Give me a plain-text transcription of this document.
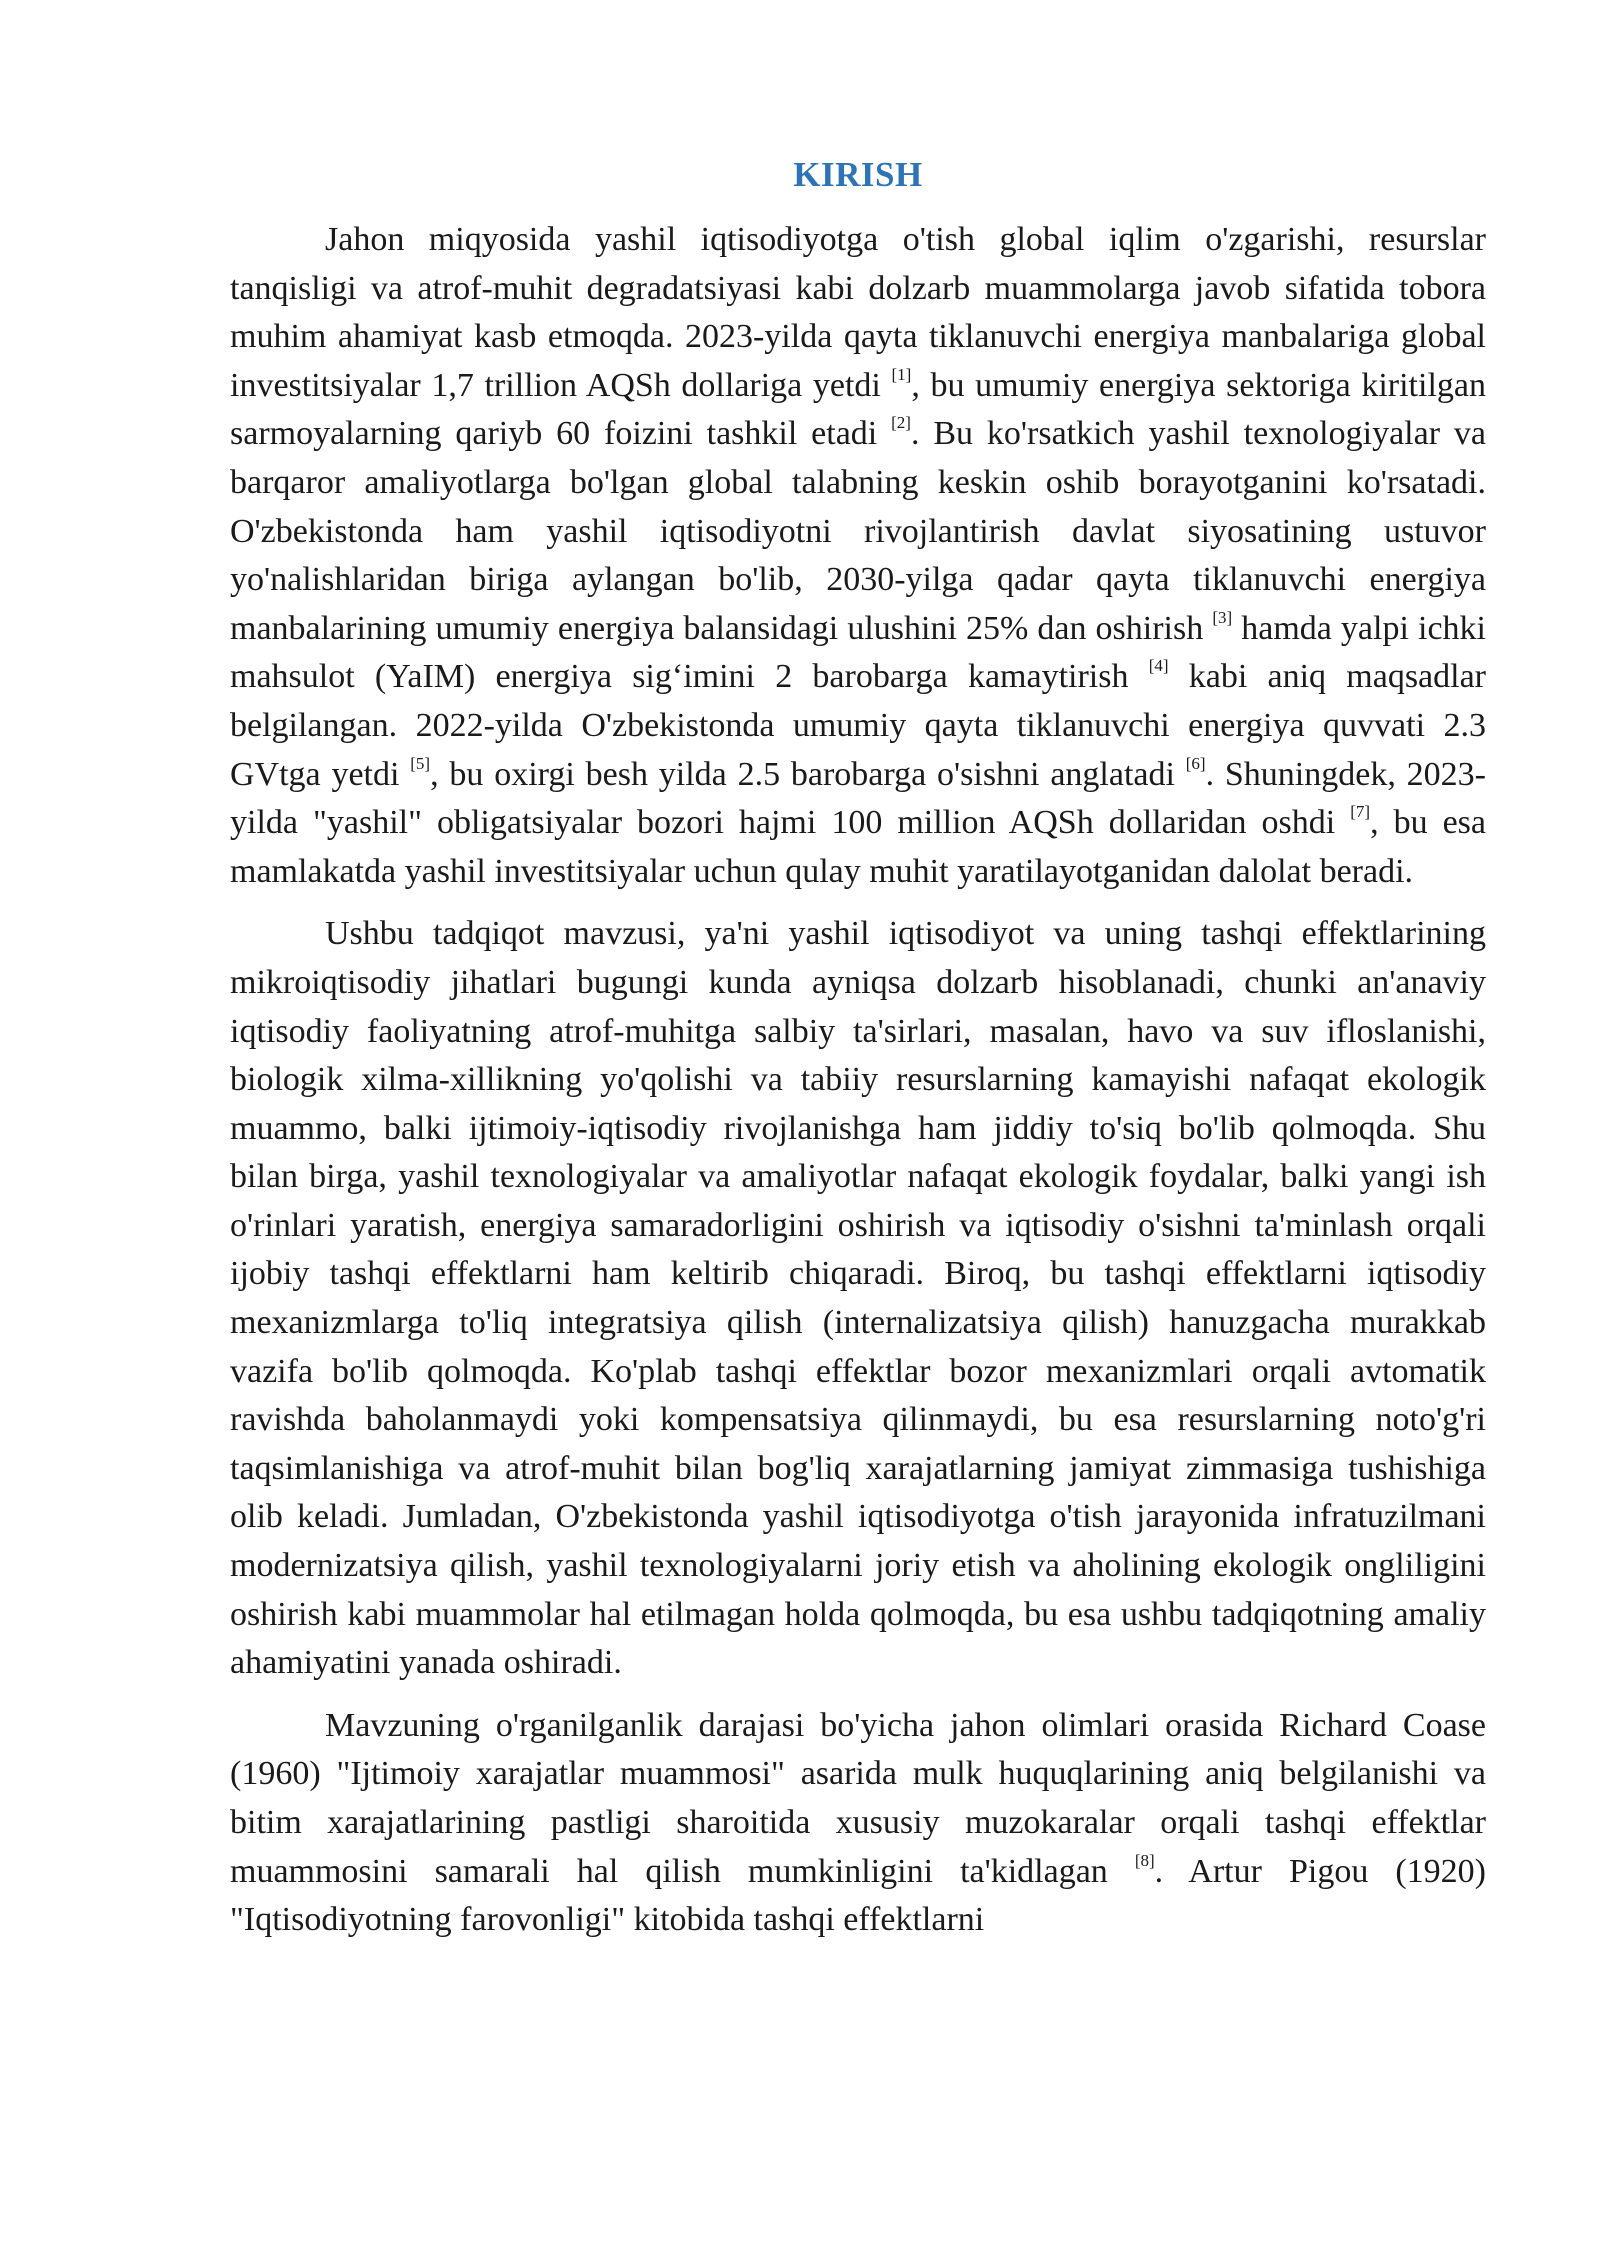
KIRISH

Jahon miqyosida yashil iqtisodiyotga o'tish global iqlim o'zgarishi, resurslar tanqisligi va atrof-muhit degradatsiyasi kabi dolzarb muammolarga javob sifatida tobora muhim ahamiyat kasb etmoqda. 2023-yilda qayta tiklanuvchi energiya manbalariga global investitsiyalar 1,7 trillion AQSh dollariga yetdi [1], bu umumiy energiya sektoriga kiritilgan sarmoyalarning qariyb 60 foizini tashkil etadi [2]. Bu ko'rsatkich yashil texnologiyalar va barqaror amaliyotlarga bo'lgan global talabning keskin oshib borayotganini ko'rsatadi. O'zbekistonda ham yashil iqtisodiyotni rivojlantirish davlat siyosatining ustuvor yo'nalishlaridan biriga aylangan bo'lib, 2030-yilga qadar qayta tiklanuvchi energiya manbalarining umumiy energiya balansidagi ulushini 25% dan oshirish [3] hamda yalpi ichki mahsulot (YaIM) energiya sig‘imini 2 barobarga kamaytirish [4] kabi aniq maqsadlar belgilangan. 2022-yilda O'zbekistonda umumiy qayta tiklanuvchi energiya quvvati 2.3 GVtga yetdi [5], bu oxirgi besh yilda 2.5 barobarga o'sishni anglatadi [6]. Shuningdek, 2023-yilda "yashil" obligatsiyalar bozori hajmi 100 million AQSh dollaridan oshdi [7], bu esa mamlakatda yashil investitsiyalar uchun qulay muhit yaratilayotganidan dalolat beradi.

Ushbu tadqiqot mavzusi, ya'ni yashil iqtisodiyot va uning tashqi effektlarining mikroiqtisodiy jihatlari bugungi kunda ayniqsa dolzarb hisoblanadi, chunki an'anaviy iqtisodiy faoliyatning atrof-muhitga salbiy ta'sirlari, masalan, havo va suv ifloslanishi, biologik xilma-xillikning yo'qolishi va tabiiy resurslarning kamayishi nafaqat ekologik muammo, balki ijtimoiy-iqtisodiy rivojlanishga ham jiddiy to'siq bo'lib qolmoqda. Shu bilan birga, yashil texnologiyalar va amaliyotlar nafaqat ekologik foydalar, balki yangi ish o'rinlari yaratish, energiya samaradorligini oshirish va iqtisodiy o'sishni ta'minlash orqali ijobiy tashqi effektlarni ham keltirib chiqaradi. Biroq, bu tashqi effektlarni iqtisodiy mexanizmlarga to'liq integratsiya qilish (internalizatsiya qilish) hanuzgacha murakkab vazifa bo'lib qolmoqda. Ko'plab tashqi effektlar bozor mexanizmlari orqali avtomatik ravishda baholanmaydi yoki kompensatsiya qilinmaydi, bu esa resurslarning noto'g'ri taqsimlanishiga va atrof-muhit bilan bog'liq xarajatlarning jamiyat zimmasiga tushishiga olib keladi. Jumladan, O'zbekistonda yashil iqtisodiyotga o'tish jarayonida infratuzilmani modernizatsiya qilish, yashil texnologiyalarni joriy etish va aholining ekologik ongliligini oshirish kabi muammolar hal etilmagan holda qolmoqda, bu esa ushbu tadqiqotning amaliy ahamiyatini yanada oshiradi.

Mavzuning o'rganilganlik darajasi bo'yicha jahon olimlari orasida Richard Coase (1960) "Ijtimoiy xarajatlar muammosi" asarida mulk huquqlarining aniq belgilanishi va bitim xarajatlarining pastligi sharoitida xususiy muzokaralar orqali tashqi effektlar muammosini samarali hal qilish mumkinligini ta'kidlagan [8]. Artur Pigou (1920) "Iqtisodiyotning farovonligi" kitobida tashqi effektlarni
